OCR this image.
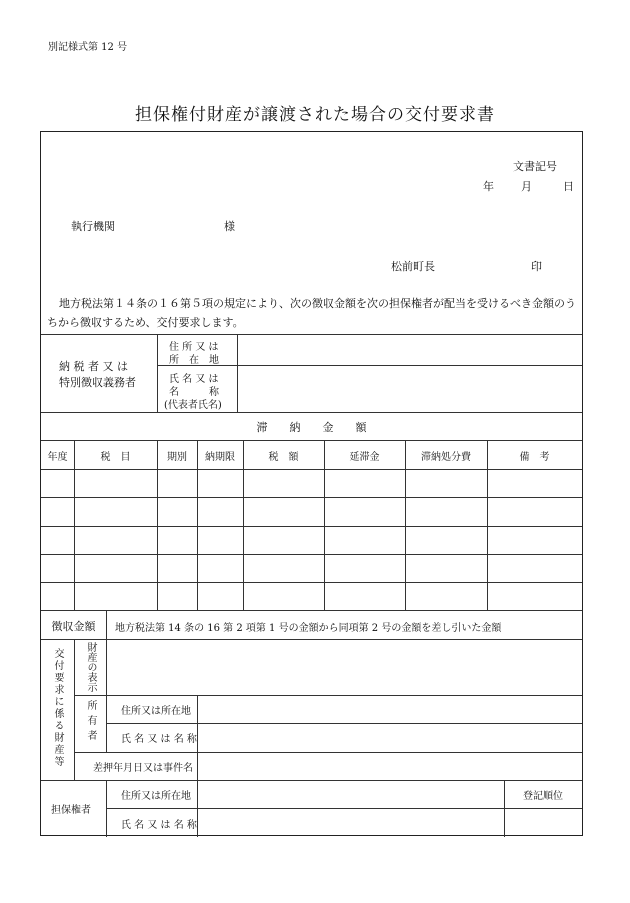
別記様式第 12 号
担保権付財産が譲渡された場合の交付要求書
文書記号
年 月	日
執行機関	様
松前町長	印
地方税法第１４条の１６第５項の規定により、次の徴収金額を次の担保権者が配当を受けるべき金額のうちから徴収するため、交付要求します。
納 税 者 又 は
特別徴収義務者
住 所 又 は
所　在　地
氏 名 又 は
名　　　称
(代表者氏名)
滞　　納　　金　　額
年度	税　目	期別	納期限	税　額	延滞金	滞納処分費	備　考
徴収金額	地方税法第 14 条の 16 第 2 項第 1 号の金額から同項第 2 号の金額を差し引いた金額
交付要求に係る財産等 財産の表示
所有者	住所又は所在地
氏 名 又 は 名 称
差押年月日又は事件名
担保権者
住所又は所在地
氏 名 又 は 名 称
登記順位
